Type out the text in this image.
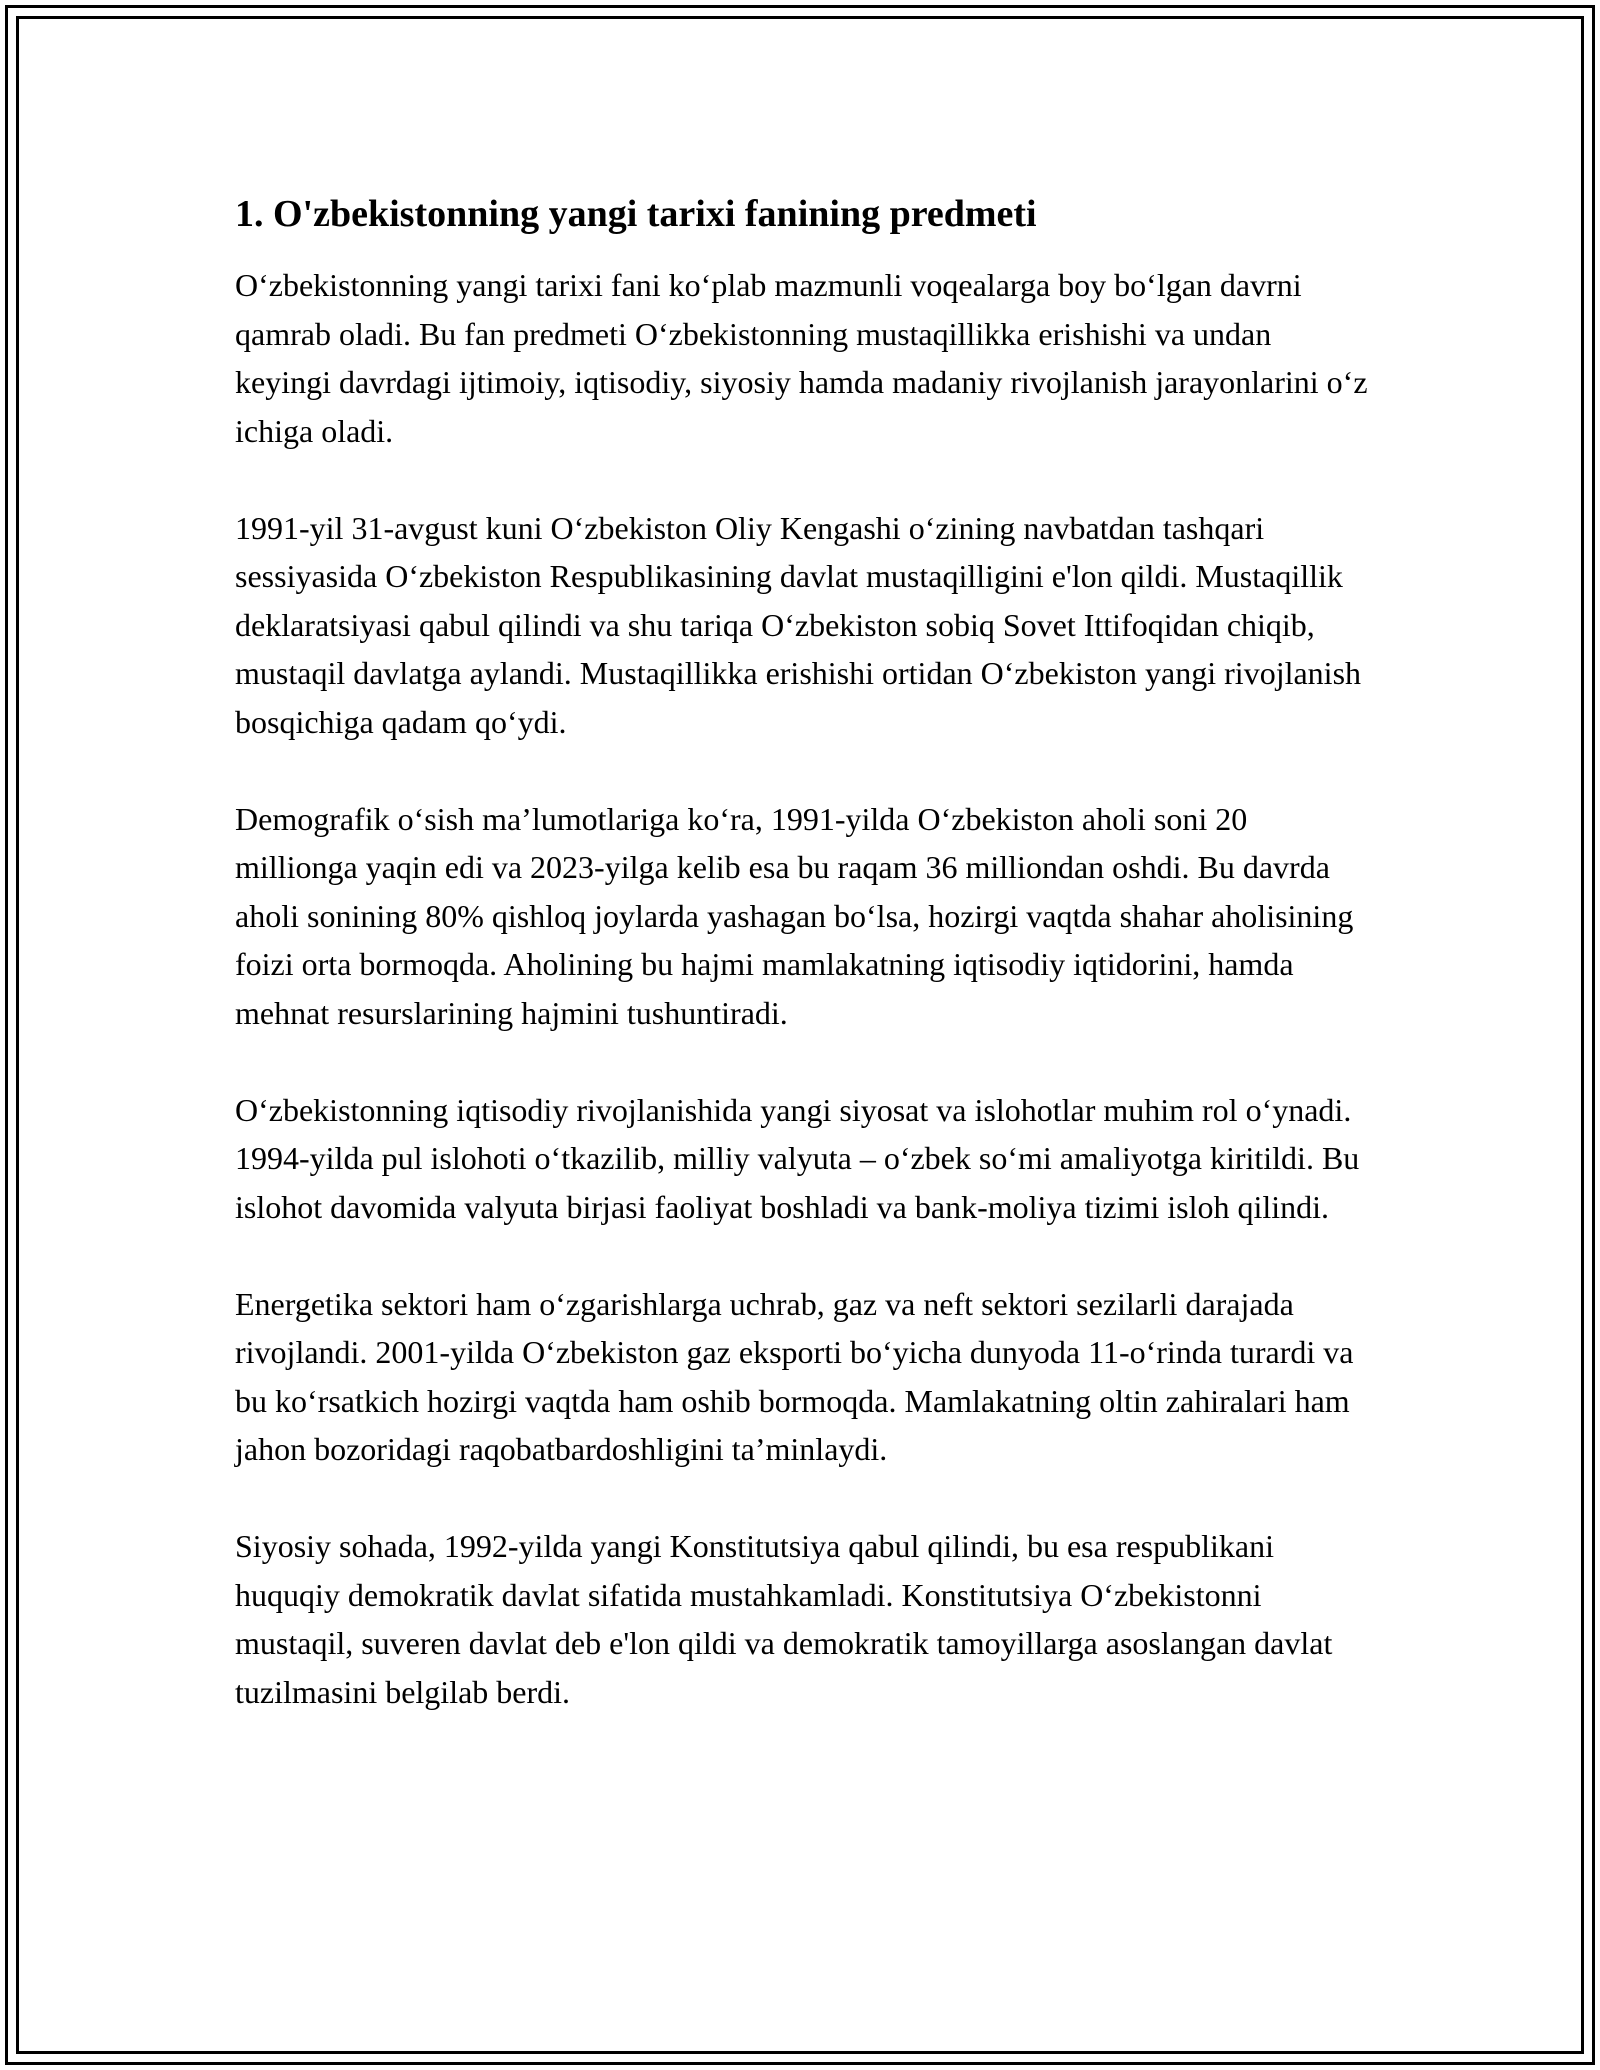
1. O'zbekistonning yangi tarixi fanining predmeti

O‘zbekistonning yangi tarixi fani ko‘plab mazmunli voqealarga boy bo‘lgan davrni qamrab oladi. Bu fan predmeti O‘zbekistonning mustaqillikka erishishi va undan keyingi davrdagi ijtimoiy, iqtisodiy, siyosiy hamda madaniy rivojlanish jarayonlarini o‘z ichiga oladi.

1991-yil 31-avgust kuni O‘zbekiston Oliy Kengashi o‘zining navbatdan tashqari sessiyasida O‘zbekiston Respublikasining davlat mustaqilligini e'lon qildi. Mustaqillik deklaratsiyasi qabul qilindi va shu tariqa O‘zbekiston sobiq Sovet Ittifoqidan chiqib, mustaqil davlatga aylandi. Mustaqillikka erishishi ortidan O‘zbekiston yangi rivojlanish bosqichiga qadam qo‘ydi.

Demografik o‘sish ma’lumotlariga ko‘ra, 1991-yilda O‘zbekiston aholi soni 20 millionga yaqin edi va 2023-yilga kelib esa bu raqam 36 milliondan oshdi. Bu davrda aholi sonining 80% qishloq joylarda yashagan bo‘lsa, hozirgi vaqtda shahar aholisining foizi orta bormoqda. Aholining bu hajmi mamlakatning iqtisodiy iqtidorini, hamda mehnat resurslarining hajmini tushuntiradi.

O‘zbekistonning iqtisodiy rivojlanishida yangi siyosat va islohotlar muhim rol o‘ynadi. 1994-yilda pul islohoti o‘tkazilib, milliy valyuta – o‘zbek so‘mi amaliyotga kiritildi. Bu islohot davomida valyuta birjasi faoliyat boshladi va bank-moliya tizimi isloh qilindi.

Energetika sektori ham o‘zgarishlarga uchrab, gaz va neft sektori sezilarli darajada rivojlandi. 2001-yilda O‘zbekiston gaz eksporti bo‘yicha dunyoda 11-o‘rinda turardi va bu ko‘rsatkich hozirgi vaqtda ham oshib bormoqda. Mamlakatning oltin zahiralari ham jahon bozoridagi raqobatbardoshligini ta’minlaydi.

Siyosiy sohada, 1992-yilda yangi Konstitutsiya qabul qilindi, bu esa respublikani huquqiy demokratik davlat sifatida mustahkamladi. Konstitutsiya O‘zbekistonni mustaqil, suveren davlat deb e'lon qildi va demokratik tamoyillarga asoslangan davlat tuzilmasini belgilab berdi.
